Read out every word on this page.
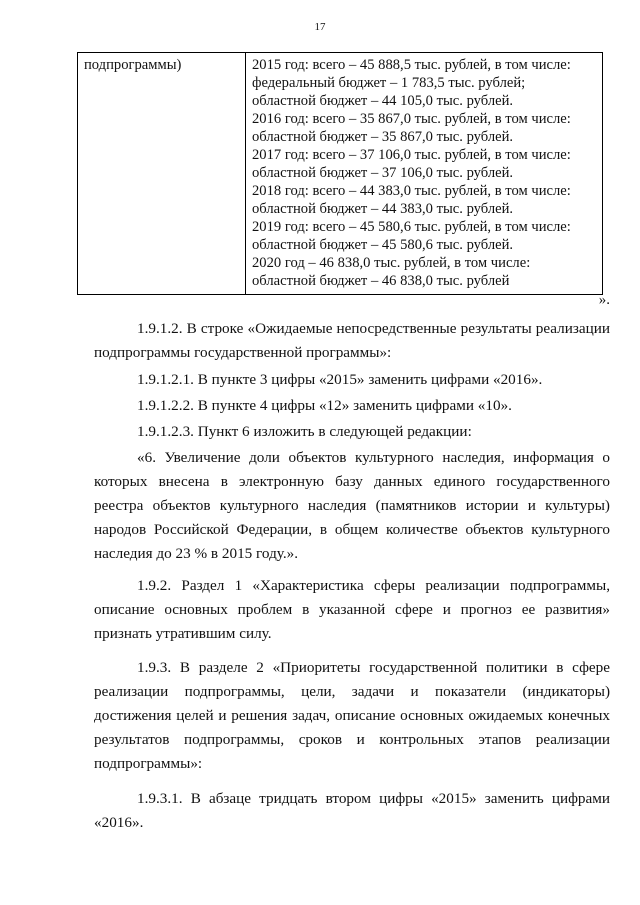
17
подпрограммы)	2015 год: всего – 45 888,5 тыс. рублей, в том числе:
федеральный бюджет – 1 783,5 тыс. рублей;
областной бюджет – 44 105,0 тыс. рублей.
2016 год: всего – 35 867,0 тыс. рублей, в том числе:
областной бюджет – 35 867,0 тыс. рублей.
2017 год: всего – 37 106,0 тыс. рублей, в том числе:
областной бюджет – 37 106,0 тыс. рублей.
2018 год: всего – 44 383,0 тыс. рублей, в том числе:
областной бюджет – 44 383,0 тыс. рублей.
2019 год: всего – 45 580,6 тыс. рублей, в том числе:
областной бюджет – 45 580,6 тыс. рублей.
2020 год – 46 838,0 тыс. рублей, в том числе:
областной бюджет – 46 838,0 тыс. рублей
».

1.9.1.2. В строке «Ожидаемые непосредственные результаты реализации
подпрограммы государственной программы»:

1.9.1.2.1. В пункте 3 цифры «2015» заменить цифрами «2016».

1.9.1.2.2. В пункте 4 цифры «12» заменить цифрами «10».

1.9.1.2.3. Пункт 6 изложить в следующей редакции:

«6. Увеличение доли объектов культурного наследия, информация о
которых внесена в электронную базу данных единого государственного
реестра объектов культурного наследия (памятников истории и культуры)
народов Российской Федерации, в общем количестве объектов культурного
наследия до 23 % в 2015 году.».

1.9.2. Раздел 1 «Характеристика сферы реализации подпрограммы,
описание основных проблем в указанной сфере и прогноз ее развития»
признать утратившим силу.

1.9.3. В разделе 2 «Приоритеты государственной политики в сфере
реализации подпрограммы, цели, задачи и показатели (индикаторы)
достижения целей и решения задач, описание основных ожидаемых конечных
результатов подпрограммы, сроков и контрольных этапов реализации
подпрограммы»:

1.9.3.1. В абзаце тридцать втором цифры «2015» заменить цифрами
«2016».
